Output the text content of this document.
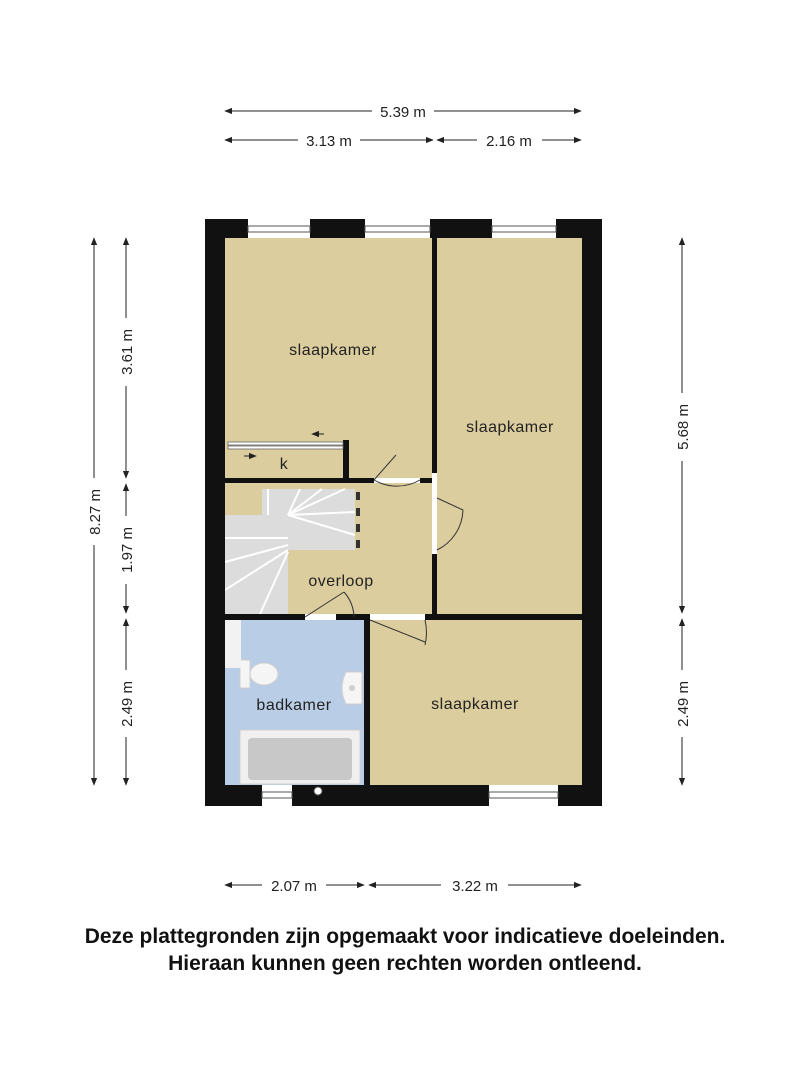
5.39 m
3.13 m	2.16 m
8.27 m
3.61 m
1.97 m
2.49 m
5.68 m
2.49 m
2.07 m	3.22 m
slaapkamer
slaapkamer
k
overloop
badkamer	slaapkamer
Deze plattegronden zijn opgemaakt voor indicatieve doeleinden.
Hieraan kunnen geen rechten worden ontleend.
